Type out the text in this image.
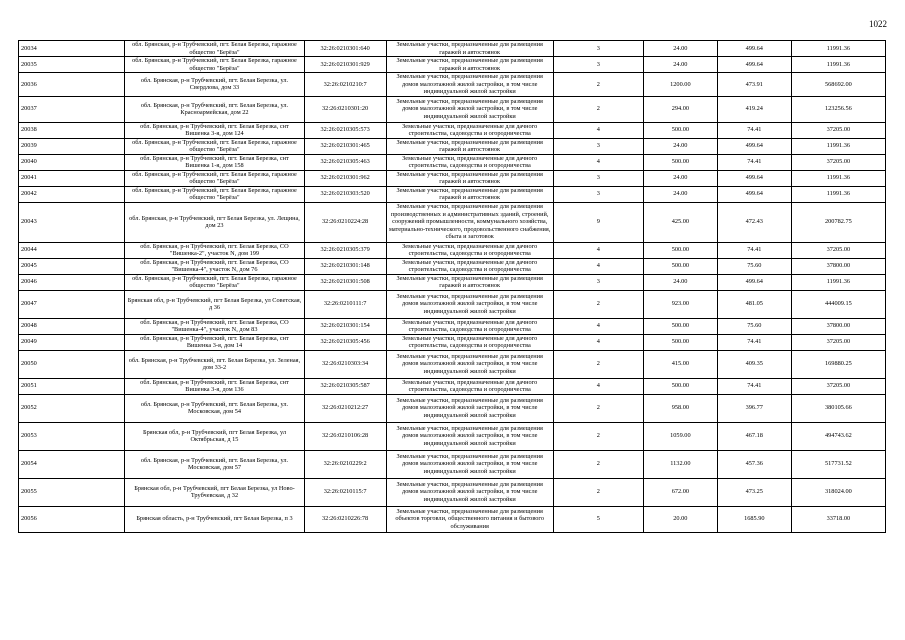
1022
20034	обл. Брянская, р-н Трубчевский, пгт. Белая Березка, гаражное общество "Берёза"	32:26:0210301:640	Земельные участки, предназначенные для размещения гаражей и автостоянок	3	24.00	499.64	11991.36
20035	обл. Брянская, р-н Трубчевский, пгт. Белая Березка, гаражное общество "Берёза"	32:26:0210301:929	Земельные участки, предназначенные для размещения гаражей и автостоянок	3	24.00	499.64	11991.36
20036	обл. Брянская, р-н Трубчевский, пгт. Белая Березка, ул. Свердлова, дом 33	32:26:0210210:7	Земельные участки, предназначенные для размещения домов малоэтажной жилой застройки, в том числе индивидуальной жилой застройки	2	1200.00	473.91	568692.00
20037	обл. Брянская, р-н Трубчевский, пгт. Белая Березка, ул. Красноармейская, дом 22	32:26:0210301:20	Земельные участки, предназначенные для размещения домов малоэтажной жилой застройки, в том числе индивидуальной жилой застройки	2	294.00	419.24	123256.56
20038	обл. Брянская, р-н Трубчевский, пгт. Белая Березка, снт Вишенка 3-я, дом 124	32:26:0210305:573	Земельные участки, предназначенные для дачного строительства, садоводства и огородничества	4	500.00	74.41	37205.00
20039	обл. Брянская, р-н Трубчевский, пгт. Белая Березка, гаражное общество "Берёза"	32:26:0210301:465	Земельные участки, предназначенные для размещения гаражей и автостоянок	3	24.00	499.64	11991.36
20040	обл. Брянская, р-н Трубчевский, пгт. Белая Березка, снт Вишенка 1-я, дом 158	32:26:0210305:463	Земельные участки, предназначенные для дачного строительства, садоводства и огородничества	4	500.00	74.41	37205.00
20041	обл. Брянская, р-н Трубчевский, пгт. Белая Березка, гаражное общество "Берёза"	32:26:0210301:962	Земельные участки, предназначенные для размещения гаражей и автостоянок	3	24.00	499.64	11991.36
20042	обл. Брянская, р-н Трубчевский, пгт. Белая Березка, гаражное общество "Берёза"	32:26:0210303:520	Земельные участки, предназначенные для размещения гаражей и автостоянок	3	24.00	499.64	11991.36
20043	обл. Брянская, р-н Трубчевский, пгт Белая Березка, ул. Лещина, дом 23	32:26:0210224:28	Земельные участки, предназначенные для размещения производственных и административных зданий, строений, сооружений промышленности, коммунального хозяйства, материально-технического, продовольственного снабжения, сбыта и заготовок	9	425.00	472.43	200782.75
20044	обл. Брянская, р-н Трубчевский, пгт. Белая Березка, СО "Вишенка-2", участок N, дом 199	32:26:0210305:379	Земельные участки, предназначенные для дачного строительства, садоводства и огородничества	4	500.00	74.41	37205.00
20045	обл. Брянская, р-н Трубчевский, пгт. Белая Березка, СО "Вишенка-4", участок N, дом 76	32:26:0210301:148	Земельные участки, предназначенные для дачного строительства, садоводства и огородничества	4	500.00	75.60	37800.00
20046	обл. Брянская, р-н Трубчевский, пгт. Белая Березка, гаражное общество "Берёза"	32:26:0210301:508	Земельные участки, предназначенные для размещения гаражей и автостоянок	3	24.00	499.64	11991.36
20047	Брянская обл, р-н Трубчевский, пгт Белая Березка, ул Советская, д 36	32:26:0210111:7	Земельные участки, предназначенные для размещения домов малоэтажной жилой застройки, в том числе индивидуальной жилой застройки	2	923.00	481.05	444009.15
20048	обл. Брянская, р-н Трубчевский, пгт. Белая Березка, СО "Вишенка-4", участок N, дом 83	32:26:0210301:154	Земельные участки, предназначенные для дачного строительства, садоводства и огородничества	4	500.00	75.60	37800.00
20049	обл. Брянская, р-н Трубчевский, пгт. Белая Березка, снт Вишенка 3-я, дом 14	32:26:0210305:456	Земельные участки, предназначенные для дачного строительства, садоводства и огородничества	4	500.00	74.41	37205.00
20050	обл. Брянская, р-н Трубчевский, пгт. Белая Березка, ул. Зеленая, дом 33-2	32:26:0210303:34	Земельные участки, предназначенные для размещения домов малоэтажной жилой застройки, в том числе индивидуальной жилой застройки	2	415.00	409.35	169880.25
20051	обл. Брянская, р-н Трубчевский, пгт. Белая Березка, снт Вишенка 3-я, дом 136	32:26:0210305:587	Земельные участки, предназначенные для дачного строительства, садоводства и огородничества	4	500.00	74.41	37205.00
20052	обл. Брянская, р-н Трубчевский, пгт. Белая Березка, ул. Московская, дом 54	32:26:0210212:27	Земельные участки, предназначенные для размещения домов малоэтажной жилой застройки, в том числе индивидуальной жилой застройки	2	958.00	396.77	380105.66
20053	Брянская обл, р-н Трубчевский, пгт Белая Березка, ул Октябрьская, д 15	32:26:0210106:28	Земельные участки, предназначенные для размещения домов малоэтажной жилой застройки, в том числе индивидуальной жилой застройки	2	1059.00	467.18	494743.62
20054	обл. Брянская, р-н Трубчевский, пгт. Белая Березка, ул. Московская, дом 57	32:26:0210229:2	Земельные участки, предназначенные для размещения домов малоэтажной жилой застройки, в том числе индивидуальной жилой застройки	2	1132.00	457.36	517731.52
20055	Брянская обл, р-н Трубчевский, пгт Белая Березка, ул Ново-Трубчевская, д 32	32:26:0210115:7	Земельные участки, предназначенные для размещения домов малоэтажной жилой застройки, в том числе индивидуальной жилой застройки	2	672.00	473.25	318024.00
20056	Брянская область, р-н Трубчевский, пгт Белая Березка, п 3	32:26:0210226:78	Земельные участки, предназначенные для размещения объектов торговли, общественного питания и бытового обслуживания	5	20.00	1685.90	33718.00
